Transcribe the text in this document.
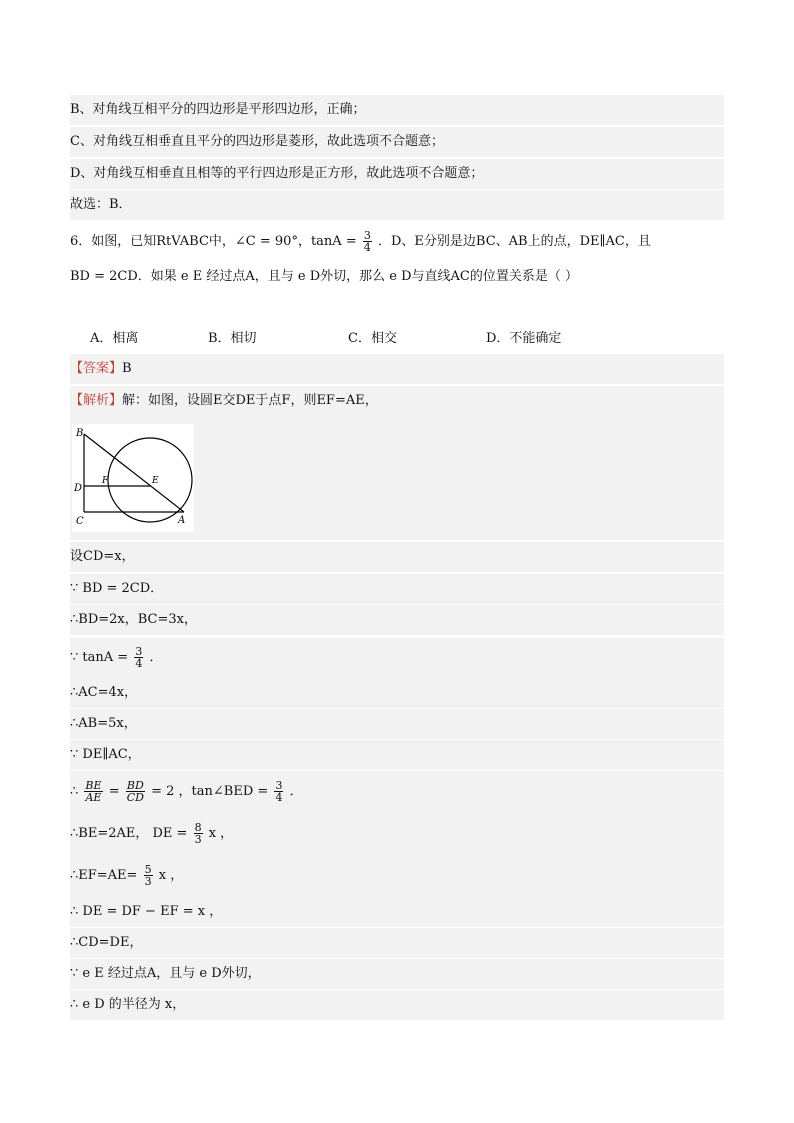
B、对角线互相平分的四边形是平形四边形，正确；
C、对角线互相垂直且平分的四边形是菱形，故此选项不合题意；
D、对角线互相垂直且相等的平行四边形是正方形，故此选项不合题意；
故选：B．
6．如图，已知RtVABC中，∠C = 90°，$\tan A = \frac{3}{4}$ ．D、E分别是边BC、AB上的点，DE∥AC，且
BD = 2CD．如果 e E 经过点A，且与 e D外切，那么 e D与直线AC的位置关系是（ ）
A．相离	B．相切	C．相交	D．不能确定
【答案】B
【解析】解：如图，设圆E交DE于点F，则EF=AE，
B
D
C
F	E
A
设CD=x，
∵ BD = 2CD．
∴BD=2x，BC=3x，
∵ $\tan A = \frac{3}{4}$ ．
∴AC=4x，
∴AB=5x，
∵ DE∥AC，
∴ $\frac{BE}{AE} = \frac{BD}{CD} = 2$ ，tan∠BED = $\frac{3}{4}$ ．
∴BE=2AE， DE = $\frac{8}{3}$ x ，
∴EF=AE= $\frac{5}{3}$ x ，
∴ DE = DF − EF = x ，
∴CD=DE，
∵ e E 经过点A，且与 e D外切，
∴ e D 的半径为 x，
